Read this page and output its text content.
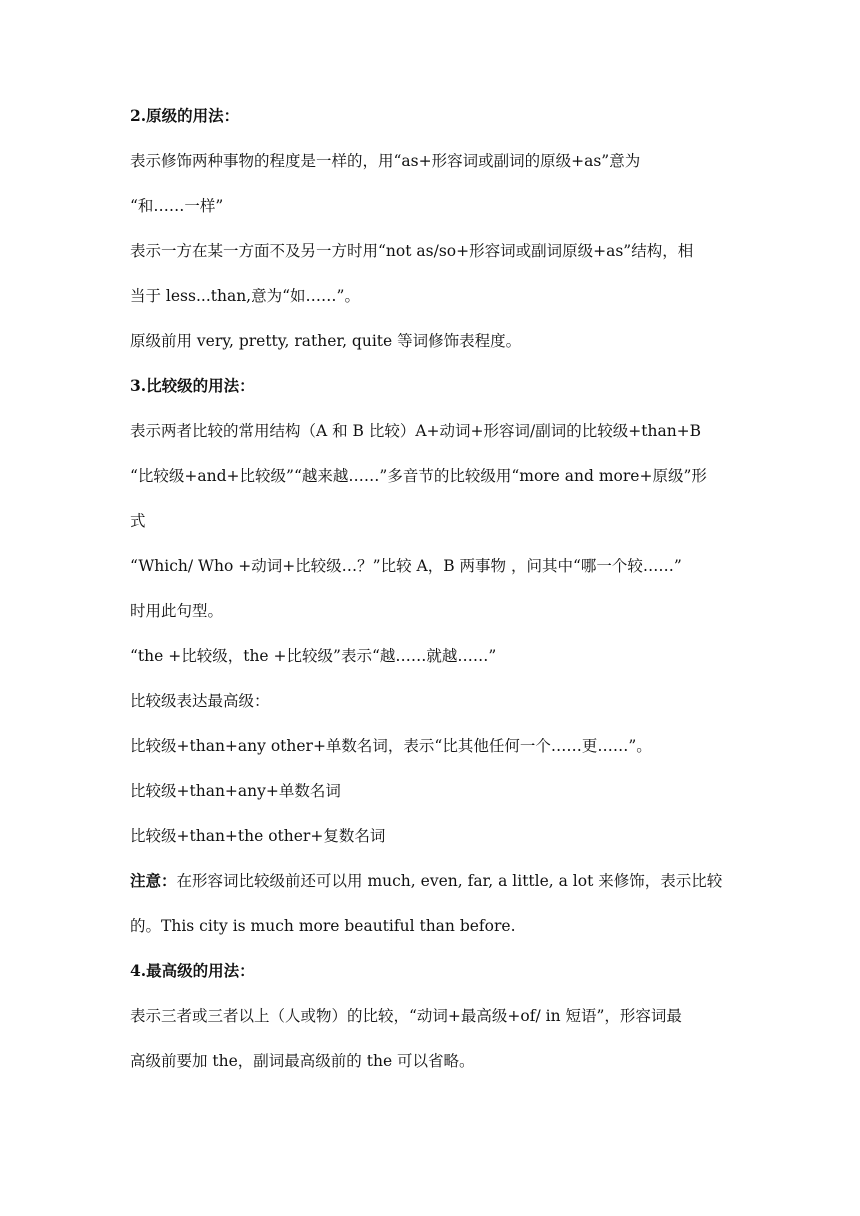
2.原级的用法：

表示修饰两种事物的程度是一样的，用“as+形容词或副词的原级+as”意为

“和……一样”

表示一方在某一方面不及另一方时用“not as/so+形容词或副词原级+as”结构，相

当于 less...than,意为“如……”。

原级前用 very, pretty, rather, quite 等词修饰表程度。

3.比较级的用法：

表示两者比较的常用结构（A 和 B 比较）A+动词+形容词/副词的比较级+than+B

“比较级+and+比较级”“越来越……”多音节的比较级用“more and more+原级”形

式

“Which/ Who +动词+比较级…？”比较 A，B 两事物 ，问其中“哪一个较……”

时用此句型。

“the +比较级，the +比较级”表示“越……就越……”

比较级表达最高级：

比较级+than+any other+单数名词，表示“比其他任何一个……更……”。

比较级+than+any+单数名词

比较级+than+the other+复数名词

注意：在形容词比较级前还可以用 much, even, far, a little, a lot 来修饰，表示比较

的。This city is much more beautiful than before.

4.最高级的用法：

表示三者或三者以上（人或物）的比较，“动词+最高级+of/ in 短语”，形容词最

高级前要加 the，副词最高级前的 the 可以省略。
